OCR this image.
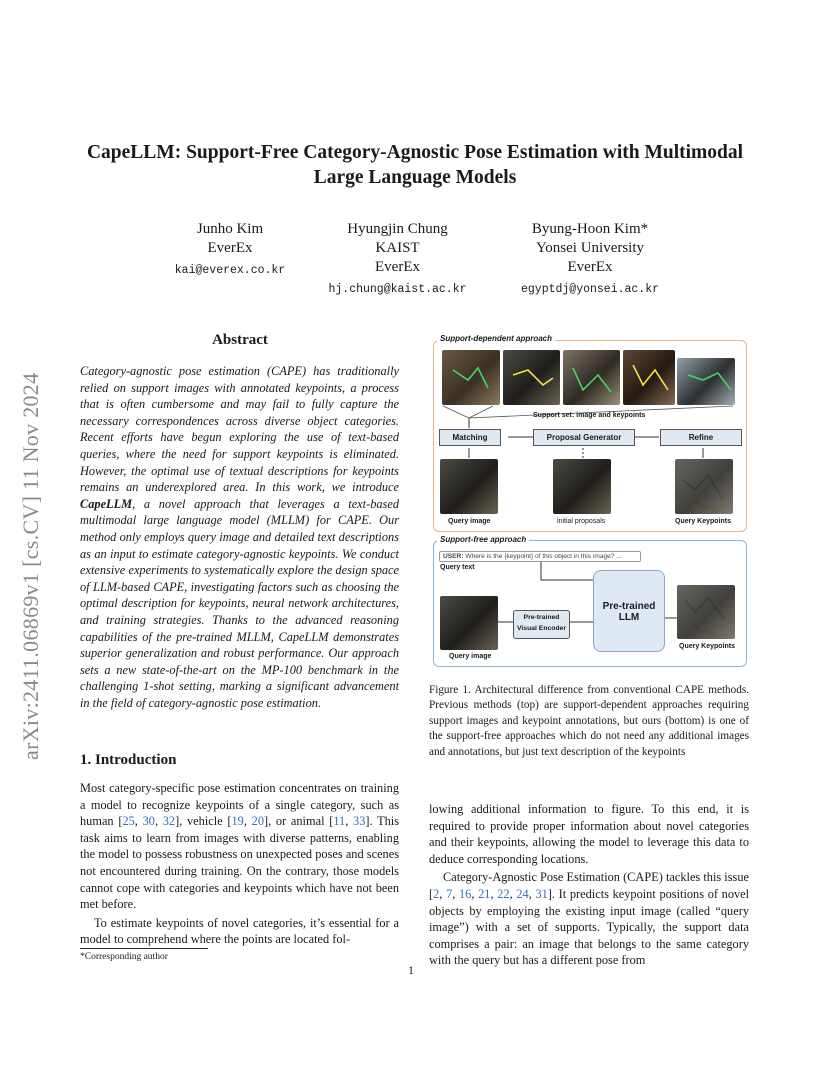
arXiv:2411.06869v1 [cs.CV] 11 Nov 2024
CapeLLM: Support-Free Category-Agnostic Pose Estimation with Multimodal
Large Language Models
Junho Kim
EverEx
kai@everex.co.kr
Hyungjin Chung
KAIST
EverEx
hj.chung@kaist.ac.kr
Byung-Hoon Kim*
Yonsei University
EverEx
egyptdj@yonsei.ac.kr
Abstract
Category-agnostic pose estimation (CAPE) has traditionally relied on support images with annotated keypoints, a process that is often cumbersome and may fail to fully capture the necessary correspondences across diverse object categories. Recent efforts have begun exploring the use of text-based queries, where the need for support keypoints is eliminated. However, the optimal use of textual descriptions for keypoints remains an underexplored area. In this work, we introduce CapeLLM, a novel approach that leverages a text-based multimodal large language model (MLLM) for CAPE. Our method only employs query image and detailed text descriptions as an input to estimate category-agnostic keypoints. We conduct extensive experiments to systematically explore the design space of LLM-based CAPE, investigating factors such as choosing the optimal description for keypoints, neural network architectures, and training strategies. Thanks to the advanced reasoning capabilities of the pre-trained MLLM, CapeLLM demonstrates superior generalization and robust performance. Our approach sets a new state-of-the-art on the MP-100 benchmark in the challenging 1-shot setting, marking a significant advancement in the field of category-agnostic pose estimation.
1. Introduction

Most category-specific pose estimation concentrates on training a model to recognize keypoints of a single category, such as human [25, 30, 32], vehicle [19, 20], or animal [11, 33]. This task aims to learn from images with diverse patterns, enabling the model to possess robustness on unexpected poses and scenes not encountered during training. On the contrary, those models cannot cope with categories and keypoints which have not been met before.

To estimate keypoints of novel categories, it’s essential for a model to comprehend where the points are located fol-

*Corresponding author
1

lowing additional information to figure. To this end, it is required to provide proper information about novel categories and their keypoints, allowing the model to leverage this data to deduce corresponding locations.

Category-Agnostic Pose Estimation (CAPE) tackles this issue [2, 7, 16, 21, 22, 24, 31]. It predicts keypoint positions of novel objects by employing the existing input image (called “query image”) with a set of supports. Typically, the support data comprises a pair: an image that belongs to the same category with the query but has a different pose from

Figure 1. Architectural difference from conventional CAPE methods. Previous methods (top) are support-dependent approaches requiring support images and keypoint annotations, but ours (bottom) is one of the support-free approaches which do not need any additional images and annotations, but just text description of the keypoints
Support-dependent approach
Support set: image and keypoints
Matching	Proposal Generator	Refine
Query image	initial proposals	Query Keypoints
Support-free approach
USER: Where is the {keypoint} of this object in this image? ...
Query text
Pre-trained
Visual Encoder
Pre-trained
LLM
Query image
Query Keypoints
